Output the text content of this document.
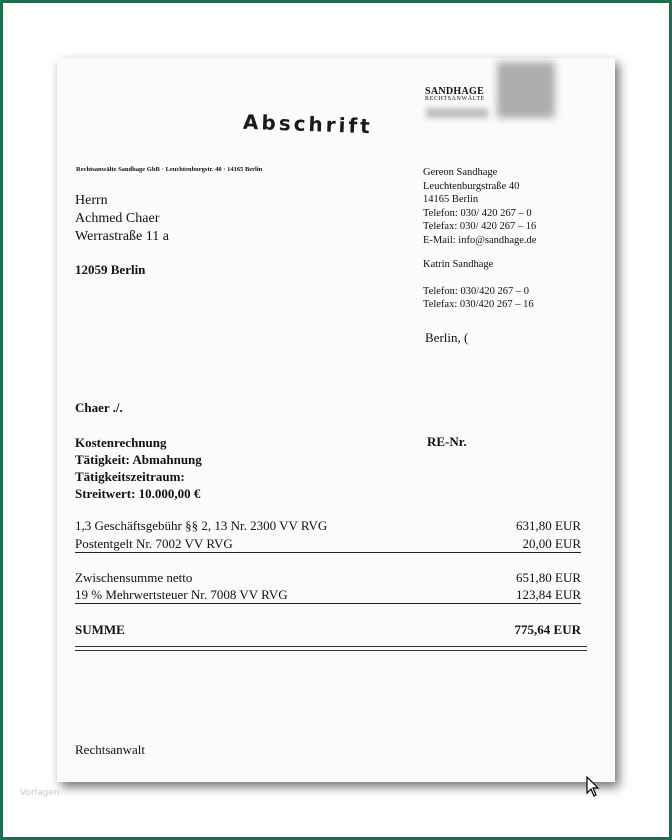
SANDHAGE
RECHTSANWÄLTE
Abschrift
Rechtsanwälte Sandhage GbR · Leuchtenburgstr. 40 · 14165 Berlin
Herrn
Achmed Chaer
Werrastraße 11 a
12059 Berlin
Gereon Sandhage
Leuchtenburgstraße 40
14165 Berlin
Telefon: 030/ 420 267 – 0
Telefax: 030/ 420 267 – 16
E-Mail: info@sandhage.de
Katrin Sandhage
Telefon: 030/420 267 – 0
Telefax: 030/420 267 – 16
Berlin, (
Chaer ./.
Kostenrechnung
Tätigkeit: Abmahnung
Tätigkeitszeitraum:
Streitwert: 10.000,00 €
RE-Nr.
1,3 Geschäftsgebühr §§ 2, 13 Nr. 2300 VV RVG	631,80 EUR
Postentgelt Nr. 7002 VV RVG	20,00 EUR
Zwischensumme netto	651,80 EUR
19 % Mehrwertsteuer Nr. 7008 VV RVG	123,84 EUR
SUMME	775,64 EUR
Rechtsanwalt
Vorlagen
